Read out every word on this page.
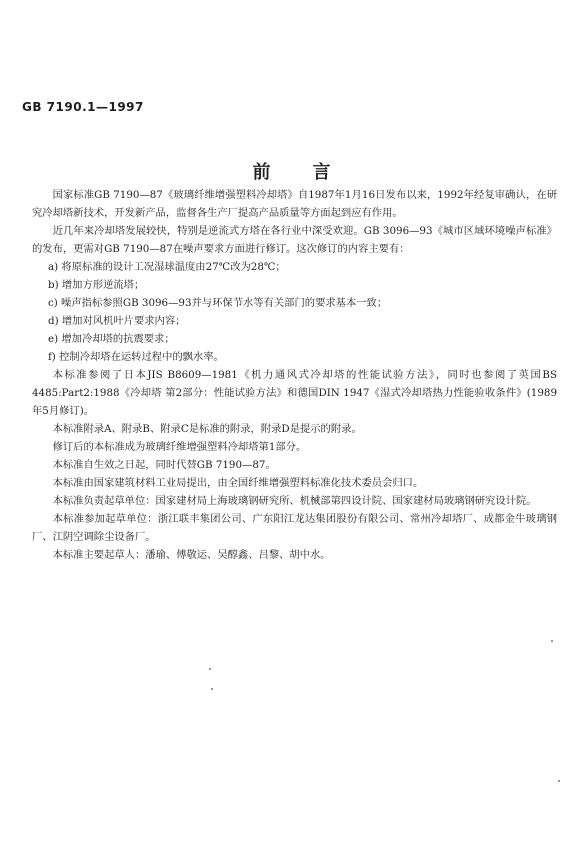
GB 7190.1—1997
前言

国家标准GB 7190—87《玻璃纤维增强塑料冷却塔》自1987年1月16日发布以来，1992年经复审确认，在研究冷却塔新技术，开发新产品，监督各生产厂提高产品质量等方面起到应有作用。

近几年来冷却塔发展较快，特别是逆流式方塔在各行业中深受欢迎。GB 3096—93《城市区域环境噪声标准》的发布，更需对GB 7190—87在噪声要求方面进行修订。这次修订的内容主要有：

a) 将原标准的设计工况湿球温度由27℃改为28℃；

b) 增加方形逆流塔；

c) 噪声指标参照GB 3096—93并与环保节水等有关部门的要求基本一致；

d) 增加对风机叶片要求内容；

e) 增加冷却塔的抗震要求；

f) 控制冷却塔在运转过程中的飘水率。

本标准参阅了日本JIS B8609—1981《机力通风式冷却塔的性能试验方法》，同时也参阅了英国BS 4485:Part2:1988《冷却塔 第2部分：性能试验方法》和德国DIN 1947《湿式冷却塔热力性能验收条件》(1989年5月修订)。

本标准附录A、附录B、附录C是标准的附录，附录D是提示的附录。

修订后的本标准成为玻璃纤维增强塑料冷却塔第1部分。

本标准自生效之日起，同时代替GB 7190—87。

本标准由国家建筑材料工业局提出，由全国纤维增强塑料标准化技术委员会归口。

本标准负责起草单位：国家建材局上海玻璃钢研究所、机械部第四设计院、国家建材局玻璃钢研究设计院。

本标准参加起草单位：浙江联丰集团公司、广东阳江龙达集团股份有限公司、常州冷却塔厂、成都金牛玻璃钢厂、江阴空调除尘设备厂。

本标准主要起草人：潘瑜、傅敬运、吴醇鑫、吕黎、胡中水。
